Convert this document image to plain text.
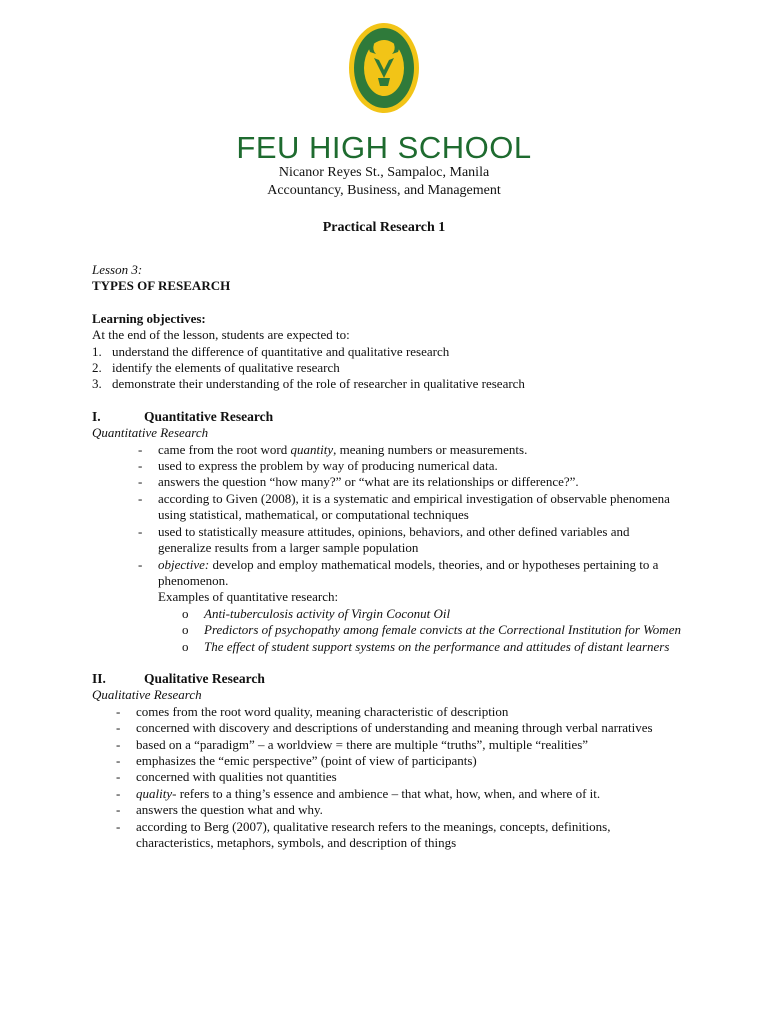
FEU HIGH SCHOOL
Nicanor Reyes St., Sampaloc, Manila
Accountancy, Business, and Management
Practical Research 1
Lesson 3:
TYPES OF RESEARCH
Learning objectives:
At the end of the lesson, students are expected to:
1. understand the difference of quantitative and qualitative research
2. identify the elements of qualitative research
3. demonstrate their understanding of the role of researcher in qualitative research
I.	Quantitative Research
Quantitative Research
- came from the root word quantity, meaning numbers or measurements.
- used to express the problem by way of producing numerical data.
- answers the question “how many?” or “what are its relationships or difference?”.
- according to Given (2008), it is a systematic and empirical investigation of observable phenomena using statistical, mathematical, or computational techniques
- used to statistically measure attitudes, opinions, behaviors, and other defined variables and generalize results from a larger sample population
- objective: develop and employ mathematical models, theories, and or hypotheses pertaining to a phenomenon.
Examples of quantitative research:
o Anti-tuberculosis activity of Virgin Coconut Oil
o Predictors of psychopathy among female convicts at the Correctional Institution for Women
o The effect of student support systems on the performance and attitudes of distant learners
II.	Qualitative Research
Qualitative Research
- comes from the root word quality, meaning characteristic of description
- concerned with discovery and descriptions of understanding and meaning through verbal narratives
- based on a “paradigm” – a worldview = there are multiple “truths”, multiple “realities”
- emphasizes the “emic perspective” (point of view of participants)
- concerned with qualities not quantities
- quality- refers to a thing’s essence and ambience – that what, how, when, and where of it.
- answers the question what and why.
- according to Berg (2007), qualitative research refers to the meanings, concepts, definitions, characteristics, metaphors, symbols, and description of things
